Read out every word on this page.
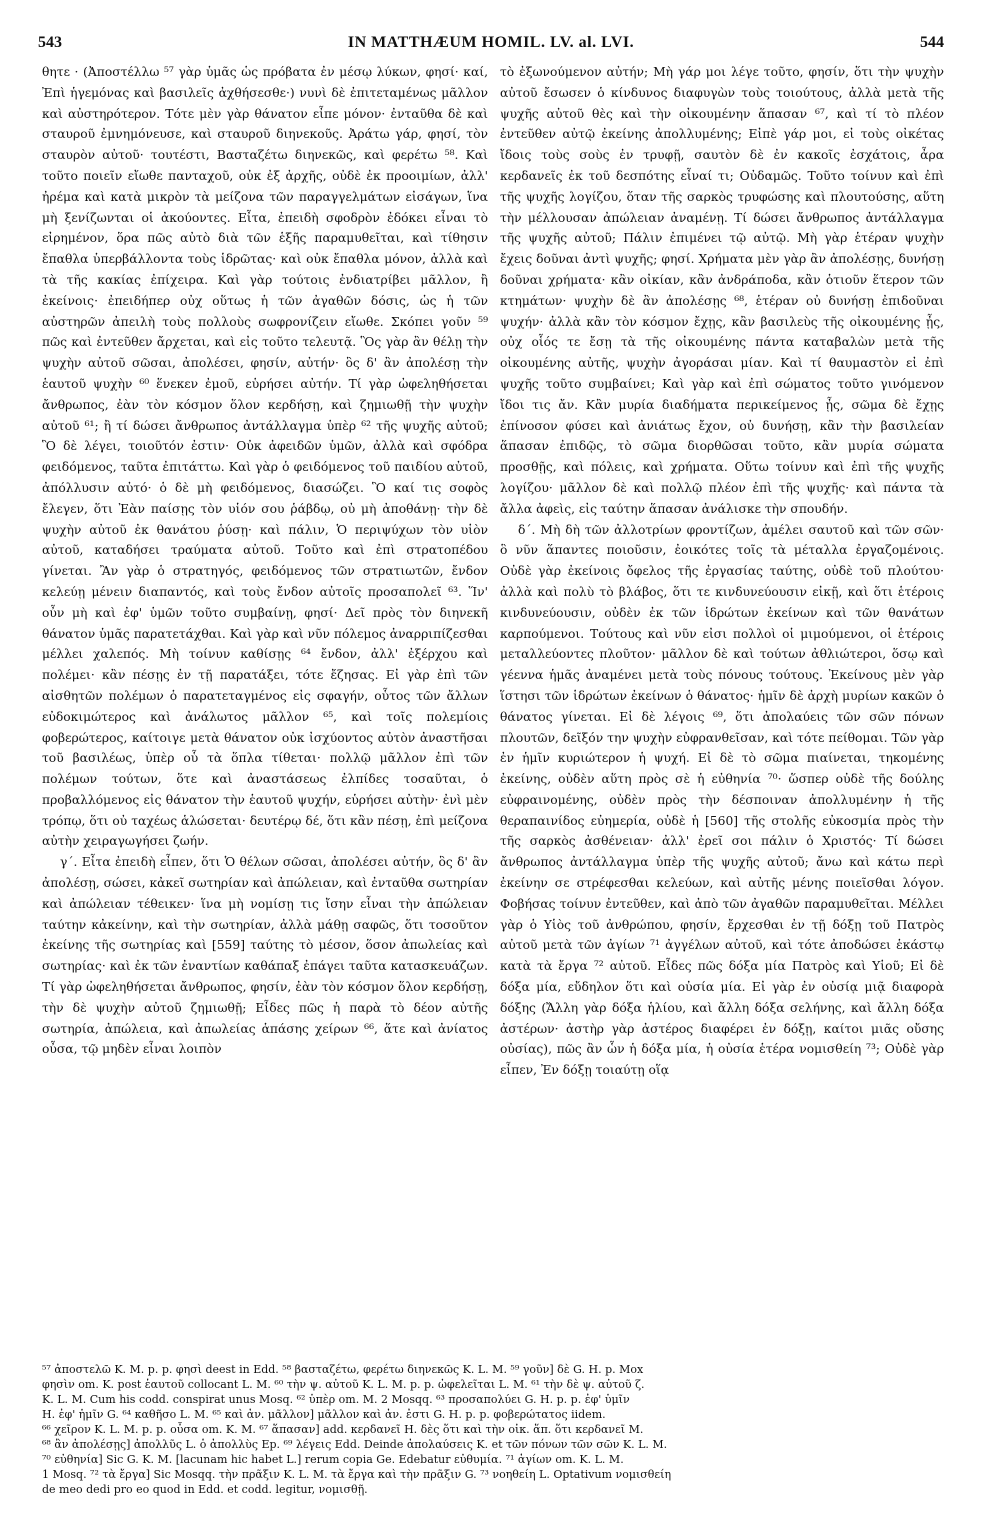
543	IN MATTHÆUM HOMIL. LV. al. LVI.	544

θητε · (Ἀποστέλλω ⁵⁷ γὰρ ὑμᾶς ὡς πρόβατα ἐν μέσῳ λύκων, φησί· καί, Ἐπὶ ἡγεμόνας καὶ βασιλεῖς ἀχθήσεσθε·) νυνὶ δὲ ἐπιτεταμένως μᾶλλον καὶ αὐστηρότερον. Τότε μὲν γὰρ θάνατον εἶπε μόνον· ἐνταῦθα δὲ καὶ σταυροῦ ἐμνημόνευσε, καὶ σταυροῦ διηνεκοῦς. Ἀράτω γάρ, φησί, τὸν σταυρὸν αὐτοῦ· τουτέστι, Βασταζέτω διηνεκῶς, καὶ φερέτω ⁵⁸. Καὶ τοῦτο ποιεῖν εἴωθε πανταχοῦ, οὐκ ἐξ ἀρχῆς, οὐδὲ ἐκ προοιμίων, ἀλλ' ἠρέμα καὶ κατὰ μικρὸν τὰ μείζονα τῶν παραγγελμάτων εἰσάγων, ἵνα μὴ ξενίζωνται οἱ ἀκούοντες. Εἶτα, ἐπειδὴ σφοδρὸν ἐδόκει εἶναι τὸ εἰρημένον, ὅρα πῶς αὐτὸ διὰ τῶν ἑξῆς παραμυθεῖται, καὶ τίθησιν ἔπαθλα ὑπερβάλλοντα τοὺς ἱδρῶτας· καὶ οὐκ ἔπαθλα μόνον, ἀλλὰ καὶ τὰ τῆς κακίας ἐπίχειρα. Καὶ γὰρ τούτοις ἐνδιατρίβει μᾶλλον, ἢ ἐκείνοις· ἐπειδήπερ οὐχ οὕτως ἡ τῶν ἀγαθῶν δόσις, ὡς ἡ τῶν αὐστηρῶν ἀπειλὴ τοὺς πολλοὺς σωφρονίζειν εἴωθε. Σκόπει γοῦν ⁵⁹ πῶς καὶ ἐντεῦθεν ἄρχεται, καὶ εἰς τοῦτο τελευτᾷ. Ὃς γὰρ ἂν θέλῃ τὴν ψυχὴν αὐτοῦ σῶσαι, ἀπολέσει, φησίν, αὐτήν· ὃς δ' ἂν ἀπολέσῃ τὴν ἑαυτοῦ ψυχὴν ⁶⁰ ἕνεκεν ἐμοῦ, εὑρήσει αὐτήν. Τί γὰρ ὠφεληθήσεται ἄνθρωπος, ἐὰν τὸν κόσμον ὅλον κερδήσῃ, καὶ ζημιωθῇ τὴν ψυχὴν αὐτοῦ ⁶¹; ἢ τί δώσει ἄνθρωπος ἀντάλλαγμα ὑπὲρ ⁶² τῆς ψυχῆς αὐτοῦ; Ὃ δὲ λέγει, τοιοῦτόν ἐστιν· Οὐκ ἀφειδῶν ὑμῶν, ἀλλὰ καὶ σφόδρα φειδόμενος, ταῦτα ἐπιτάττω. Καὶ γὰρ ὁ φειδόμενος τοῦ παιδίου αὐτοῦ, ἀπόλλυσιν αὐτό· ὁ δὲ μὴ φειδόμενος, διασώζει. Ὃ καί τις σοφὸς ἔλεγεν, ὅτι Ἐὰν παίσῃς τὸν υἱόν σου ῥάβδῳ, οὐ μὴ ἀποθάνῃ· τὴν δὲ ψυχὴν αὐτοῦ ἐκ θανάτου ῥύσῃ· καὶ πάλιν, Ὁ περιψύχων τὸν υἱὸν αὐτοῦ, καταδήσει τραύματα αὐτοῦ. Τοῦτο καὶ ἐπὶ στρατοπέδου γίνεται. Ἂν γὰρ ὁ στρατηγός, φειδόμενος τῶν στρατιωτῶν, ἔνδον κελεύῃ μένειν διαπαντός, καὶ τοὺς ἔνδον αὐτοῖς προσαπολεῖ ⁶³. Ἵν' οὖν μὴ καὶ ἐφ' ὑμῶν τοῦτο συμβαίνῃ, φησί· Δεῖ πρὸς τὸν διηνεκῆ θάνατον ὑμᾶς παρατετάχθαι. Καὶ γὰρ καὶ νῦν πόλεμος ἀναρριπίζεσθαι μέλλει χαλεπός. Μὴ τοίνυν καθίσῃς ⁶⁴ ἔνδον, ἀλλ' ἐξέρχου καὶ πολέμει· κἂν πέσῃς ἐν τῇ παρατάξει, τότε ἔζησας. Εἰ γὰρ ἐπὶ τῶν αἰσθητῶν πολέμων ὁ παρατεταγμένος εἰς σφαγήν, οὗτος τῶν ἄλλων εὐδοκιμώτερος καὶ ἀνάλωτος μᾶλλον ⁶⁵, καὶ τοῖς πολεμίοις φοβερώτερος, καίτοιγε μετὰ θάνατον οὐκ ἰσχύοντος αὐτὸν ἀναστῆσαι τοῦ βασιλέως, ὑπὲρ οὗ τὰ ὅπλα τίθεται· πολλῷ μᾶλλον ἐπὶ τῶν πολέμων τούτων, ὅτε καὶ ἀναστάσεως ἐλπίδες τοσαῦται, ὁ προβαλλόμενος εἰς θάνατον τὴν ἑαυτοῦ ψυχήν, εὑρήσει αὐτὴν· ἐνὶ μὲν τρόπῳ, ὅτι οὐ ταχέως ἁλώσεται· δευτέρῳ δέ, ὅτι κἂν πέσῃ, ἐπὶ μείζονα αὐτὴν χειραγωγήσει ζωήν.

γ΄. Εἶτα ἐπειδὴ εἶπεν, ὅτι Ὁ θέλων σῶσαι, ἀπολέσει αὐτήν, ὃς δ' ἂν ἀπολέσῃ, σώσει, κἀκεῖ σωτηρίαν καὶ ἀπώλειαν, καὶ ἐνταῦθα σωτηρίαν καὶ ἀπώλειαν τέθεικεν· ἵνα μὴ νομίσῃ τις ἴσην εἶναι τὴν ἀπώλειαν ταύτην κἀκείνην, καὶ τὴν σωτηρίαν, ἀλλὰ μάθῃ σαφῶς, ὅτι τοσοῦτον ἐκείνης τῆς σωτηρίας καὶ [559] ταύτης τὸ μέσον, ὅσον ἀπωλείας καὶ σωτηρίας· καὶ ἐκ τῶν ἐναντίων καθάπαξ ἐπάγει ταῦτα κατασκευάζων. Τί γὰρ ὠφεληθήσεται ἄνθρωπος, φησίν, ἐὰν τὸν κόσμον ὅλον κερδήσῃ, τὴν δὲ ψυχὴν αὐτοῦ ζημιωθῇ; Εἶδες πῶς ἡ παρὰ τὸ δέον αὐτῆς σωτηρία, ἀπώλεια, καὶ ἀπωλείας ἁπάσης χείρων ⁶⁶, ἅτε καὶ ἀνίατος οὖσα, τῷ μηδὲν εἶναι λοιπὸν

τὸ ἐξωνούμενον αὐτήν; Μὴ γάρ μοι λέγε τοῦτο, φησίν, ὅτι τὴν ψυχὴν αὐτοῦ ἔσωσεν ὁ κίνδυνος διαφυγὼν τοὺς τοιούτους, ἀλλὰ μετὰ τῆς ψυχῆς αὐτοῦ θὲς καὶ τὴν οἰκουμένην ἅπασαν ⁶⁷, καὶ τί τὸ πλέον ἐντεῦθεν αὐτῷ ἐκείνης ἀπολλυμένης; Εἰπὲ γάρ μοι, εἰ τοὺς οἰκέτας ἴδοις τοὺς σοὺς ἐν τρυφῇ, σαυτὸν δὲ ἐν κακοῖς ἐσχάτοις, ἆρα κερδανεῖς ἐκ τοῦ δεσπότης εἶναί τι; Οὐδαμῶς. Τοῦτο τοίνυν καὶ ἐπὶ τῆς ψυχῆς λογίζου, ὅταν τῆς σαρκὸς τρυφώσης καὶ πλουτούσης, αὕτη τὴν μέλλουσαν ἀπώλειαν ἀναμένῃ. Τί δώσει ἄνθρωπος ἀντάλλαγμα τῆς ψυχῆς αὐτοῦ; Πάλιν ἐπιμένει τῷ αὐτῷ. Μὴ γὰρ ἑτέραν ψυχὴν ἔχεις δοῦναι ἀντὶ ψυχῆς; φησί. Χρήματα μὲν γὰρ ἂν ἀπολέσῃς, δυνήσῃ δοῦναι χρήματα· κἂν οἰκίαν, κἂν ἀνδράποδα, κἂν ὁτιοῦν ἕτερον τῶν κτημάτων· ψυχὴν δὲ ἂν ἀπολέσῃς ⁶⁸, ἑτέραν οὐ δυνήσῃ ἐπιδοῦναι ψυχήν· ἀλλὰ κἂν τὸν κόσμον ἔχῃς, κἂν βασιλεὺς τῆς οἰκουμένης ᾖς, οὐχ οἷός τε ἔσῃ τὰ τῆς οἰκουμένης πάντα καταβαλὼν μετὰ τῆς οἰκουμένης αὐτῆς, ψυχὴν ἀγοράσαι μίαν. Καὶ τί θαυμαστὸν εἰ ἐπὶ ψυχῆς τοῦτο συμβαίνει; Καὶ γὰρ καὶ ἐπὶ σώματος τοῦτο γινόμενον ἴδοι τις ἄν. Κἂν μυρία διαδήματα περικείμενος ᾖς, σῶμα δὲ ἔχῃς ἐπίνοσον φύσει καὶ ἀνιάτως ἔχον, οὐ δυνήσῃ, κἂν τὴν βασιλείαν ἅπασαν ἐπιδῷς, τὸ σῶμα διορθῶσαι τοῦτο, κἂν μυρία σώματα προσθῇς, καὶ πόλεις, καὶ χρήματα. Οὕτω τοίνυν καὶ ἐπὶ τῆς ψυχῆς λογίζου· μᾶλλον δὲ καὶ πολλῷ πλέον ἐπὶ τῆς ψυχῆς· καὶ πάντα τὰ ἄλλα ἀφεὶς, εἰς ταύτην ἅπασαν ἀνάλισκε τὴν σπουδήν.

δ΄. Μὴ δὴ τῶν ἀλλοτρίων φροντίζων, ἀμέλει σαυτοῦ καὶ τῶν σῶν· ὃ νῦν ἅπαντες ποιοῦσιν, ἐοικότες τοῖς τὰ μέταλλα ἐργαζομένοις. Οὐδὲ γὰρ ἐκείνοις ὄφελος τῆς ἐργασίας ταύτης, οὐδὲ τοῦ πλούτου· ἀλλὰ καὶ πολὺ τὸ βλάβος, ὅτι τε κινδυνεύουσιν εἰκῇ, καὶ ὅτι ἑτέροις κινδυνεύουσιν, οὐδὲν ἐκ τῶν ἱδρώτων ἐκείνων καὶ τῶν θανάτων καρπούμενοι. Τούτους καὶ νῦν εἰσι πολλοὶ οἱ μιμούμενοι, οἱ ἑτέροις μεταλλεύοντες πλοῦτον· μᾶλλον δὲ καὶ τούτων ἀθλιώτεροι, ὅσῳ καὶ γέεννα ἡμᾶς ἀναμένει μετὰ τοὺς πόνους τούτους. Ἐκείνους μὲν γὰρ ἵστησι τῶν ἱδρώτων ἐκείνων ὁ θάνατος· ἡμῖν δὲ ἀρχὴ μυρίων κακῶν ὁ θάνατος γίνεται. Εἰ δὲ λέγοις ⁶⁹, ὅτι ἀπολαύεις τῶν σῶν πόνων πλουτῶν, δεῖξόν την ψυχὴν εὐφρανθεῖσαν, καὶ τότε πείθομαι. Τῶν γὰρ ἐν ἡμῖν κυριώτερον ἡ ψυχή. Εἰ δὲ τὸ σῶμα πιαίνεται, τηκομένης ἐκείνης, οὐδὲν αὕτη πρὸς σὲ ἡ εὐθηνία ⁷⁰· ὥσπερ οὐδὲ τῆς δούλης εὐφραινομένης, οὐδὲν πρὸς τὴν δέσποιναν ἀπολλυμένην ἡ τῆς θεραπαινίδος εὐημερία, οὐδὲ ἡ [560] τῆς στολῆς εὐκοσμία πρὸς τὴν τῆς σαρκὸς ἀσθένειαν· ἀλλ' ἐρεῖ σοι πάλιν ὁ Χριστός· Τί δώσει ἄνθρωπος ἀντάλλαγμα ὑπὲρ τῆς ψυχῆς αὐτοῦ; ἄνω καὶ κάτω περὶ ἐκείνην σε στρέφεσθαι κελεύων, καὶ αὐτῆς μένης ποιεῖσθαι λόγον. Φοβήσας τοίνυν ἐντεῦθεν, καὶ ἀπὸ τῶν ἀγαθῶν παραμυθεῖται. Μέλλει γὰρ ὁ Υἱὸς τοῦ ἀνθρώπου, φησίν, ἔρχεσθαι ἐν τῇ δόξῃ τοῦ Πατρὸς αὐτοῦ μετὰ τῶν ἀγίων ⁷¹ ἀγγέλων αὐτοῦ, καὶ τότε ἀποδώσει ἑκάστῳ κατὰ τὰ ἔργα ⁷² αὐτοῦ. Εἶδες πῶς δόξα μία Πατρὸς καὶ Υἱοῦ; Εἰ δὲ δόξα μία, εὔδηλον ὅτι καὶ οὐσία μία. Εἰ γὰρ ἐν οὐσίᾳ μιᾷ διαφορὰ δόξης (Ἄλλη γὰρ δόξα ἡλίου, καὶ ἄλλη δόξα σελήνης, καὶ ἄλλη δόξα ἀστέρων· ἀστὴρ γὰρ ἀστέρος διαφέρει ἐν δόξῃ, καίτοι μιᾶς οὔσης οὐσίας), πῶς ἂν ὧν ἡ δόξα μία, ἡ οὐσία ἑτέρα νομισθείη ⁷³; Οὐδὲ γὰρ εἶπεν, Ἐν δόξῃ τοιαύτῃ οἵᾳ

⁵⁷ ἀποστελῶ K. M. p. p. φησὶ deest in Edd. ⁵⁸ βασταζέτω, φερέτω διηνεκῶς K. L. M. ⁵⁹ γοῦν] δὲ G. H. p. Mox
φησὶν om. K. post ἑαυτοῦ collocant L. M. ⁶⁰ τὴν ψ. αὐτοῦ K. L. M. p. p. ὠφελεῖται L. M. ⁶¹ τὴν δὲ ψ. αὐτοῦ ζ.
K. L. M. Cum his codd. conspirat unus Mosq. ⁶² ὑπὲρ om. M. 2 Mosqq. ⁶³ προσαπολύει G. H. p. p. ἐφ' ὑμῖν
H. ἐφ' ἡμῖν G. ⁶⁴ καθῆσο L. M. ⁶⁵ καὶ ἀν. μᾶλλον] μᾶλλον καὶ ἀν. ἐστι G. H. p. p. φοβερώτατος iidem.
⁶⁶ χεῖρον K. L. M. p. p. οὖσα om. K. M. ⁶⁷ ἅπασαν] add. κερδανεῖ H. δὲς ὅτι καὶ τὴν οἰκ. ἅπ. ὅτι κερδανεῖ M.
⁶⁸ ἂν ἀπολέσῃς] ἀπολλῦς L. ὁ ἀπολλὺς Ep. ⁶⁹ λέγεις Edd. Deinde ἀπολαύσεις K. et τῶν πόνων τῶν σῶν K. L. M.
⁷⁰ εὐθηνία] Sic G. K. M. [lacunam hic habet L.] rerum copia Ge. Edebatur εὐθυμία. ⁷¹ ἁγίων om. K. L. M.
1 Mosq. ⁷² τὰ ἔργα] Sic Mosqq. τὴν πρᾶξιν K. L. M. τὰ ἔργα καὶ τὴν πρᾶξιν G. ⁷³ νοηθείη L. Optativum νομισθείη
de meo dedi pro eo quod in Edd. et codd. legitur, νομισθῇ.
